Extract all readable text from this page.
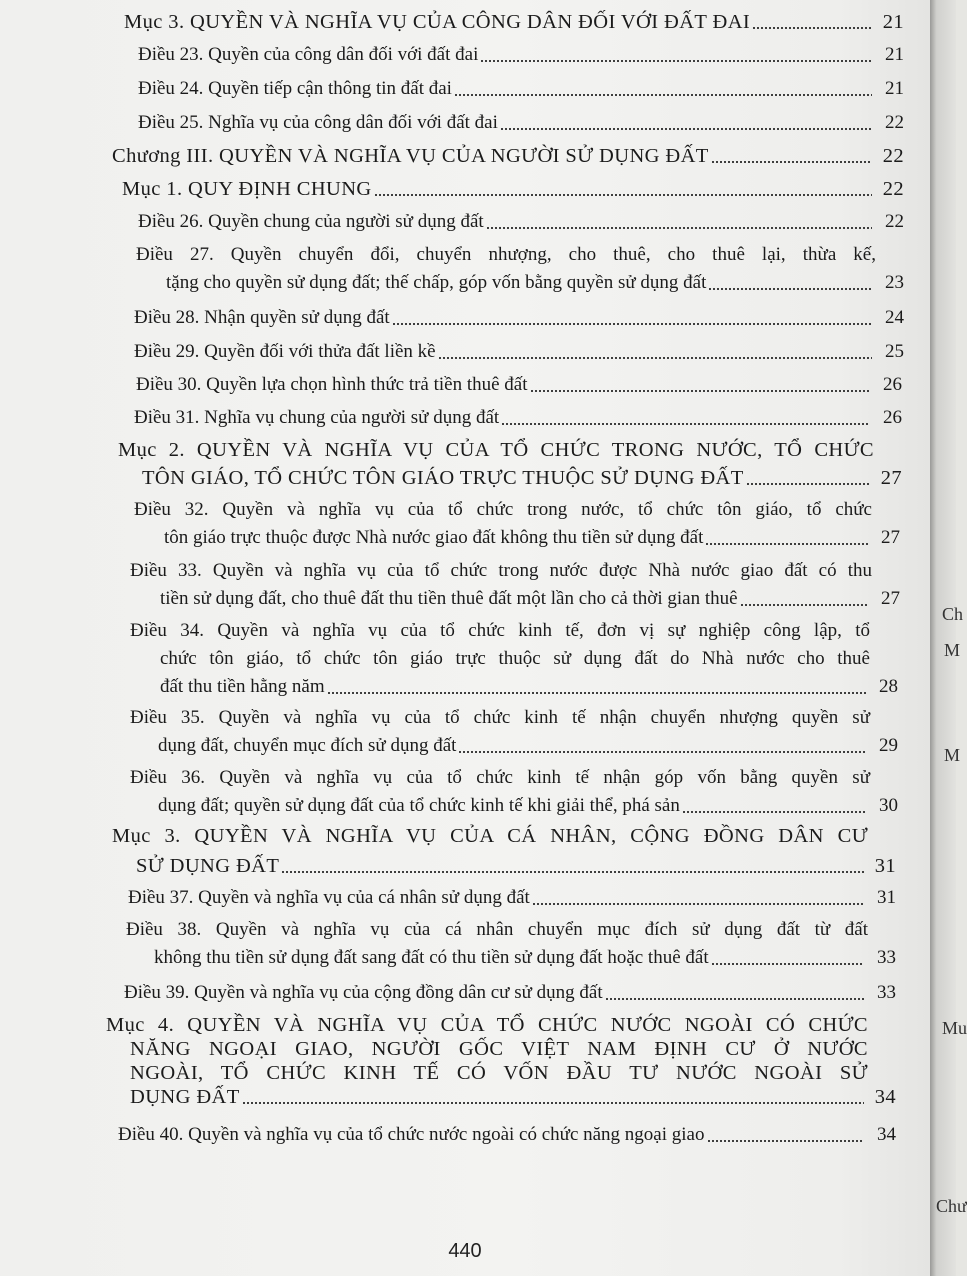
Mục 3. QUYỀN VÀ NGHĨA VỤ CỦA CÔNG DÂN ĐỐI VỚI ĐẤT ĐAI	21
Điều 23. Quyền của công dân đối với đất đai	21
Điều 24. Quyền tiếp cận thông tin đất đai	21
Điều 25. Nghĩa vụ của công dân đối với đất đai	22
Chương III. QUYỀN VÀ NGHĨA VỤ CỦA NGƯỜI SỬ DỤNG ĐẤT	22
Mục 1. QUY ĐỊNH CHUNG	22
Điều 26. Quyền chung của người sử dụng đất	22
Điều 27. Quyền chuyển đổi, chuyển nhượng, cho thuê, cho thuê lại, thừa kế,
tặng cho quyền sử dụng đất; thế chấp, góp vốn bằng quyền sử dụng đất	23
Điều 28. Nhận quyền sử dụng đất	24
Điều 29. Quyền đối với thửa đất liền kề	25
Điều 30. Quyền lựa chọn hình thức trả tiền thuê đất	26
Điều 31. Nghĩa vụ chung của người sử dụng đất	26
Mục 2. QUYỀN VÀ NGHĨA VỤ CỦA TỔ CHỨC TRONG NƯỚC, TỔ CHỨC
TÔN GIÁO, TỔ CHỨC TÔN GIÁO TRỰC THUỘC SỬ DỤNG ĐẤT	27
Điều 32. Quyền và nghĩa vụ của tổ chức trong nước, tổ chức tôn giáo, tổ chức
tôn giáo trực thuộc được Nhà nước giao đất không thu tiền sử dụng đất	27
Điều 33. Quyền và nghĩa vụ của tổ chức trong nước được Nhà nước giao đất có thu
tiền sử dụng đất, cho thuê đất thu tiền thuê đất một lần cho cả thời gian thuê	27
Điều 34. Quyền và nghĩa vụ của tổ chức kinh tế, đơn vị sự nghiệp công lập, tổ
chức tôn giáo, tổ chức tôn giáo trực thuộc sử dụng đất do Nhà nước cho thuê
đất thu tiền hằng năm	28
Điều 35. Quyền và nghĩa vụ của tổ chức kinh tế nhận chuyển nhượng quyền sử
dụng đất, chuyển mục đích sử dụng đất	29
Điều 36. Quyền và nghĩa vụ của tổ chức kinh tế nhận góp vốn bằng quyền sử
dụng đất; quyền sử dụng đất của tổ chức kinh tế khi giải thể, phá sản	30
Mục 3. QUYỀN VÀ NGHĨA VỤ CỦA CÁ NHÂN, CỘNG ĐỒNG DÂN CƯ
SỬ DỤNG ĐẤT	31
Điều 37. Quyền và nghĩa vụ của cá nhân sử dụng đất	31
Điều 38. Quyền và nghĩa vụ của cá nhân chuyển mục đích sử dụng đất từ đất
không thu tiền sử dụng đất sang đất có thu tiền sử dụng đất hoặc thuê đất	33
Điều 39. Quyền và nghĩa vụ của cộng đồng dân cư sử dụng đất	33
Mục 4. QUYỀN VÀ NGHĨA VỤ CỦA TỔ CHỨC NƯỚC NGOÀI CÓ CHỨC
NĂNG NGOẠI GIAO, NGƯỜI GỐC VIỆT NAM ĐỊNH CƯ Ở NƯỚC
NGOÀI, TỔ CHỨC KINH TẾ CÓ VỐN ĐẦU TƯ NƯỚC NGOÀI SỬ
DỤNG ĐẤT	34
Điều 40. Quyền và nghĩa vụ của tổ chức nước ngoài có chức năng ngoại giao	34
440
Ch
M
M
Mu
Chư
